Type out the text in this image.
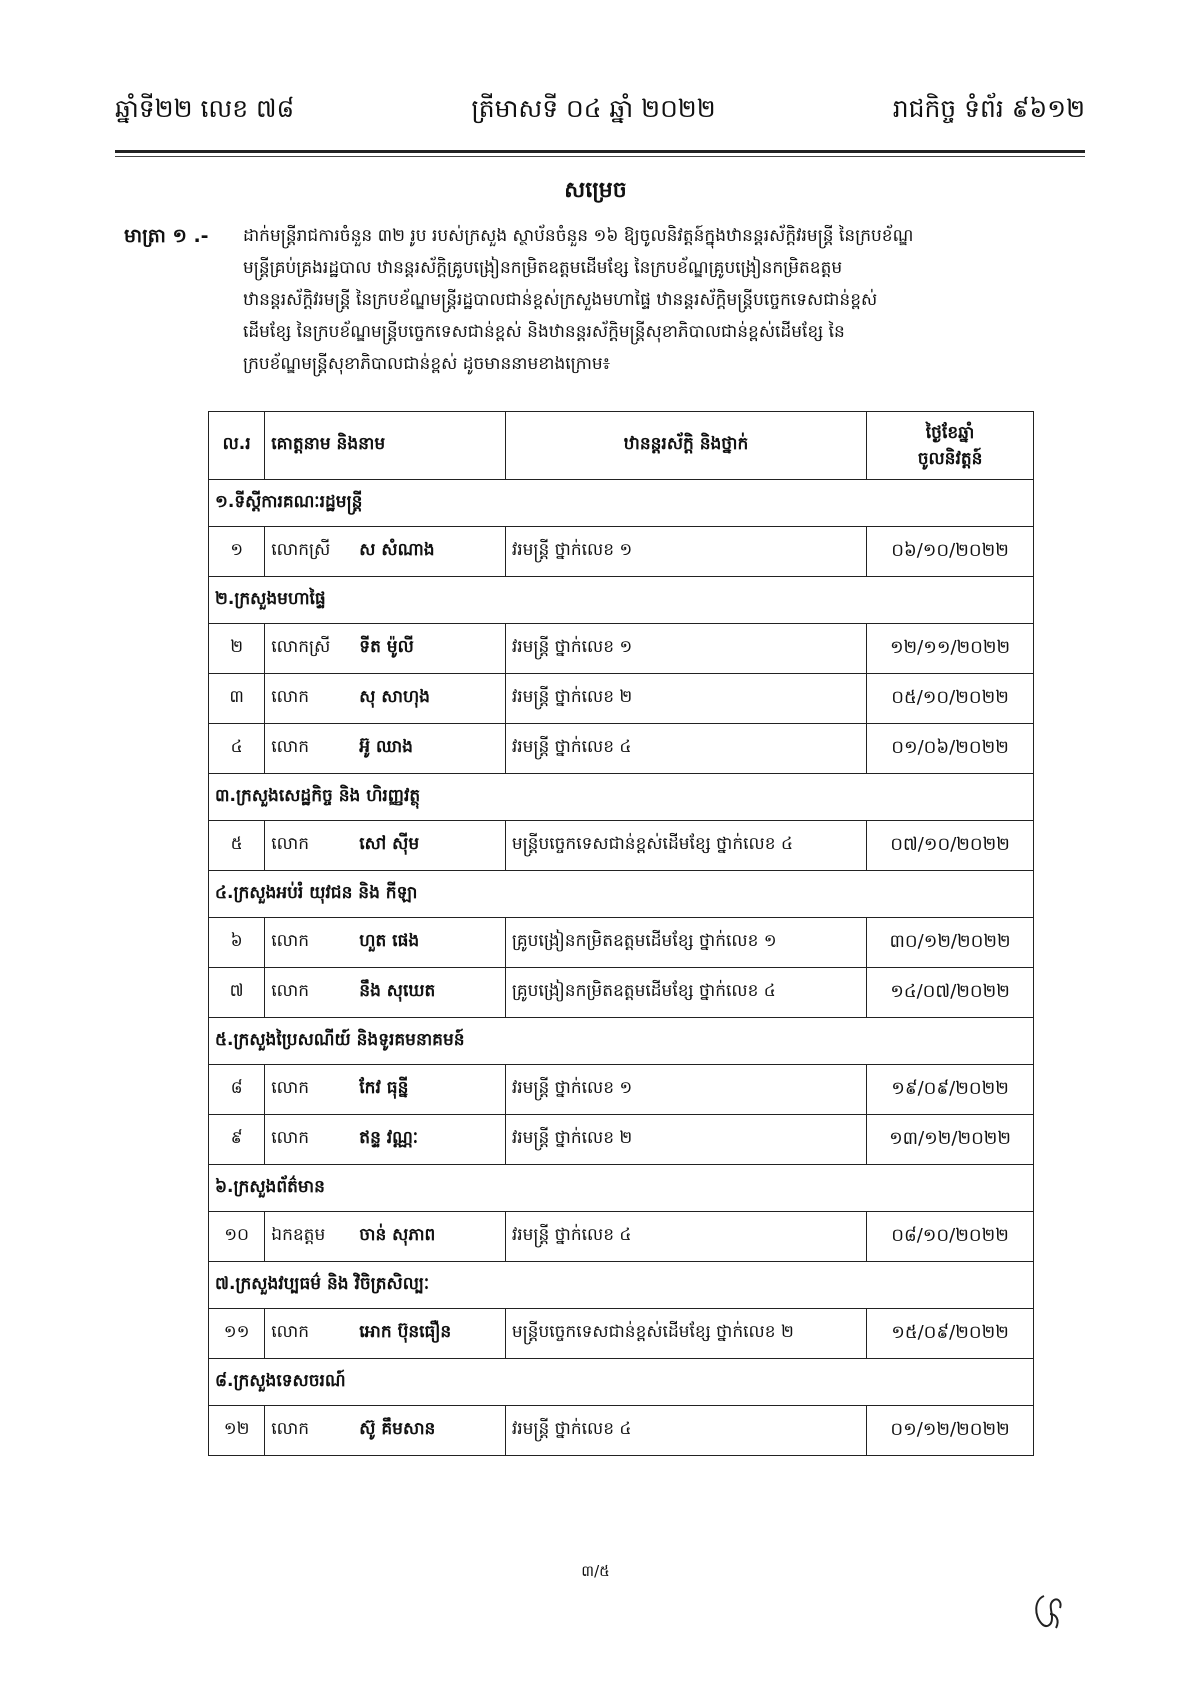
ឆ្នាំទី២២ លេខ ៧៨	ត្រីមាសទី ០៤ ឆ្នាំ ២០២២	រាជកិច្ច ទំព័រ ៩៦១២
សម្រេច
មាត្រា ១ .- ដាក់មន្ត្រីរាជការចំនួន ៣២ រូប របស់ក្រសួង ស្ថាប័នចំនួន ១៦ ឱ្យចូលនិវត្តន៍ក្នុងឋានន្តរស័ក្តិវរមន្ត្រី នៃក្របខ័ណ្ឌ
មន្ត្រីគ្រប់គ្រងរដ្ឋបាល ឋានន្តរស័ក្តិគ្រូបង្រៀនកម្រិតឧត្តមដើមខ្សែ នៃក្របខ័ណ្ឌគ្រូបង្រៀនកម្រិតឧត្តម
ឋានន្តរស័ក្តិវរមន្ត្រី នៃក្របខ័ណ្ឌមន្ត្រីរដ្ឋបាលជាន់ខ្ពស់ក្រសួងមហាផ្ទៃ ឋានន្តរស័ក្តិមន្ត្រីបច្ចេកទេសជាន់ខ្ពស់
ដើមខ្សែ នៃក្របខ័ណ្ឌមន្ត្រីបច្ចេកទេសជាន់ខ្ពស់ និងឋានន្តរស័ក្តិមន្ត្រីសុខាភិបាលជាន់ខ្ពស់ដើមខ្សែ នៃ
ក្របខ័ណ្ឌមន្ត្រីសុខាភិបាលជាន់ខ្ពស់ ដូចមាននាមខាងក្រោម៖
ល.រ	គោត្តនាម និងនាម	ឋានន្តរស័ក្តិ និងថ្នាក់	ថ្ងៃខែឆ្នាំ
ចូលនិវត្តន៍

១.ទីស្តីការគណៈរដ្ឋមន្ត្រី			
១	លោកស្រី ស សំណាង	វរមន្ត្រី ថ្នាក់លេខ ១	០៦/១០/២០២២
២.ក្រសួងមហាផ្ទៃ			
២	លោកស្រី ទីត ម៉ូលី	វរមន្ត្រី ថ្នាក់លេខ ១	១២/១១/២០២២
៣	លោក សុ សាហុង	វរមន្ត្រី ថ្នាក់លេខ ២	០៥/១០/២០២២
៤	លោក អ៊ូ ឈាង	វរមន្ត្រី ថ្នាក់លេខ ៤	០១/០៦/២០២២
៣.ក្រសួងសេដ្ឋកិច្ច និង ហិរញ្ញវត្ថុ			
៥	លោក សៅ ស៊ីម	មន្ត្រីបច្ចេកទេសជាន់ខ្ពស់ដើមខ្សែ ថ្នាក់លេខ ៤	០៧/១០/២០២២
៤.ក្រសួងអប់រំ យុវជន និង កីឡា			
៦	លោក ហួត ផេង	គ្រូបង្រៀនកម្រិតឧត្តមដើមខ្សែ ថ្នាក់លេខ ១	៣០/១២/២០២២
៧	លោក នឹង សុឃេត	គ្រូបង្រៀនកម្រិតឧត្តមដើមខ្សែ ថ្នាក់លេខ ៤	១៤/០៧/២០២២
៥.ក្រសួងប្រៃសណីយ៍ និងទូរគមនាគមន៍			
៨	លោក កែវ ធុន្នី	វរមន្ត្រី ថ្នាក់លេខ ១	១៩/០៩/២០២២
៩	លោក ឥន្ទ វណ្ណៈ	វរមន្ត្រី ថ្នាក់លេខ ២	១៣/១២/២០២២
៦.ក្រសួងព័ត៌មាន			
១០	ឯកឧត្តម ចាន់ សុភាព	វរមន្ត្រី ថ្នាក់លេខ ៤	០៨/១០/២០២២
៧.ក្រសួងវប្បធម៌ និង វិចិត្រសិល្បៈ			
១១	លោក អោក ប៊ុនធឿន	មន្ត្រីបច្ចេកទេសជាន់ខ្ពស់ដើមខ្សែ ថ្នាក់លេខ ២	១៥/០៩/២០២២
៨.ក្រសួងទេសចរណ៍			
១២	លោក ស៊ូ គឹមសាន	វរមន្ត្រី ថ្នាក់លេខ ៤	០១/១២/២០២២
៣/៥
